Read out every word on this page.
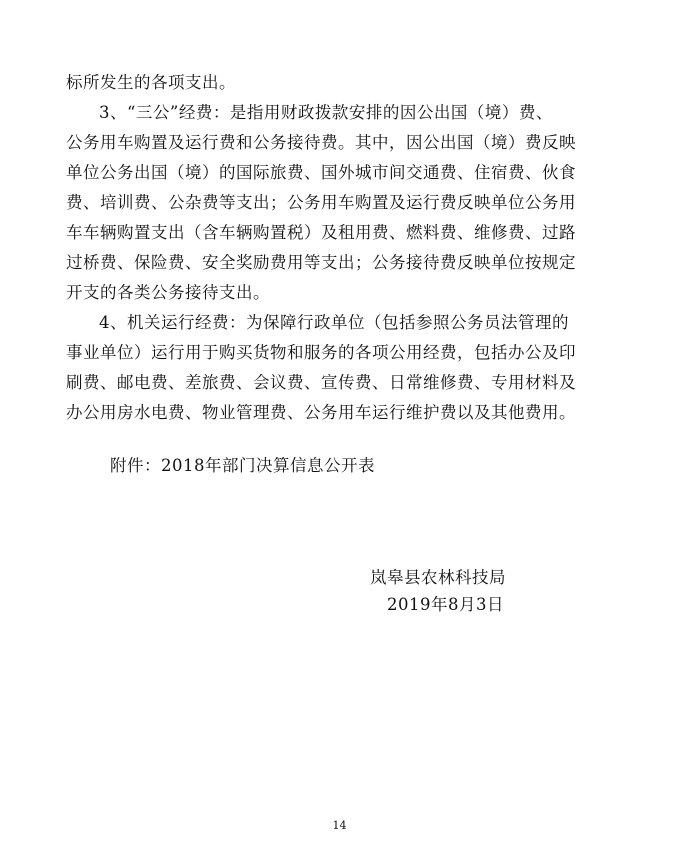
标所发生的各项支出。
3、“三公”经费：是指用财政拨款安排的因公出国（境）费、
公务用车购置及运行费和公务接待费。其中，因公出国（境）费反映
单位公务出国（境）的国际旅费、国外城市间交通费、住宿费、伙食
费、培训费、公杂费等支出；公务用车购置及运行费反映单位公务用
车车辆购置支出（含车辆购置税）及租用费、燃料费、维修费、过路
过桥费、保险费、安全奖励费用等支出；公务接待费反映单位按规定
开支的各类公务接待支出。
4、机关运行经费：为保障行政单位（包括参照公务员法管理的
事业单位）运行用于购买货物和服务的各项公用经费，包括办公及印
刷费、邮电费、差旅费、会议费、宣传费、日常维修费、专用材料及
办公用房水电费、物业管理费、公务用车运行维护费以及其他费用。
附件：2018年部门决算信息公开表
岚皋县农林科技局
2019年8月3日
14
